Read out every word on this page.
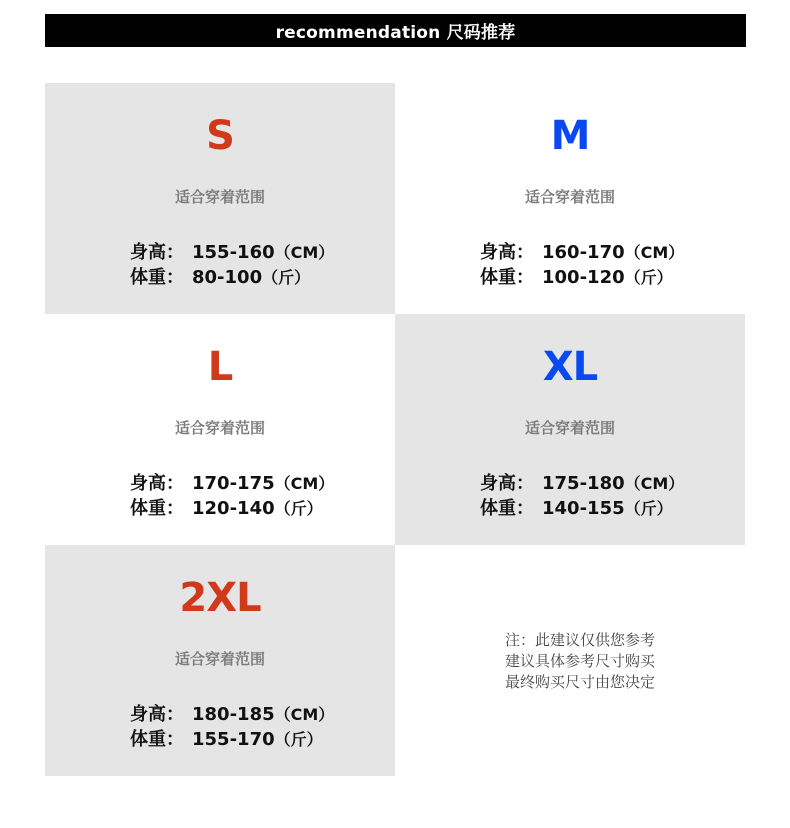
recommendation 尺码推荐
S
适合穿着范围
身高： 155-160（CM）
体重： 80-100（斤）
M
适合穿着范围
身高： 160-170（CM）
体重： 100-120（斤）
L
适合穿着范围
身高： 170-175（CM）
体重： 120-140（斤）
XL
适合穿着范围
身高： 175-180（CM）
体重： 140-155（斤）
2XL
适合穿着范围
身高： 180-185（CM）
体重： 155-170（斤）
注：此建议仅供您参考
建议具体参考尺寸购买
最终购买尺寸由您决定
